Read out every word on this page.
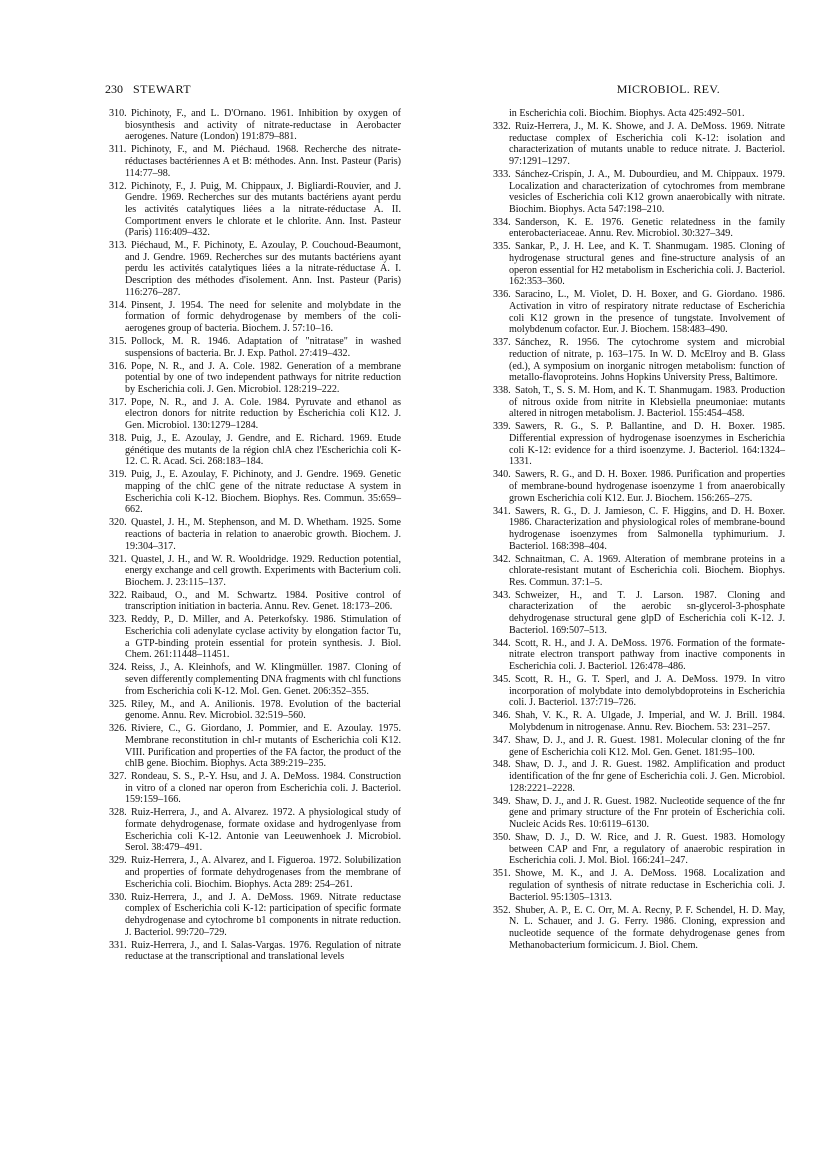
230 STEWART	MICROBIOL. REV.
310. Pichinoty, F., and L. D'Ornano. 1961. Inhibition by oxygen of biosynthesis and activity of nitrate-reductase in Aerobacter aerogenes. Nature (London) 191:879–881.
311. Pichinoty, F., and M. Piéchaud. 1968. Recherche des nitrate-réductases bactériennes A et B: méthodes. Ann. Inst. Pasteur (Paris) 114:77–98.
312. Pichinoty, F., J. Puig, M. Chippaux, J. Bigliardi-Rouvier, and J. Gendre. 1969. Recherches sur des mutants bactériens ayant perdu les activités catalytiques liées a la nitrate-réductase A. II. Comportment envers le chlorate et le chlorite. Ann. Inst. Pasteur (Paris) 116:409–432.
313. Piéchaud, M., F. Pichinoty, E. Azoulay, P. Couchoud-Beaumont, and J. Gendre. 1969. Recherches sur des mutants bactériens ayant perdu les activités catalytiques liées a la nitrate-réductase A. I. Description des méthodes d'isolement. Ann. Inst. Pasteur (Paris) 116:276–287.
314. Pinsent, J. 1954. The need for selenite and molybdate in the formation of formic dehydrogenase by members of the coli-aerogenes group of bacteria. Biochem. J. 57:10–16.
315. Pollock, M. R. 1946. Adaptation of "nitratase" in washed suspensions of bacteria. Br. J. Exp. Pathol. 27:419–432.
316. Pope, N. R., and J. A. Cole. 1982. Generation of a membrane potential by one of two independent pathways for nitrite reduction by Escherichia coli. J. Gen. Microbiol. 128:219–222.
317. Pope, N. R., and J. A. Cole. 1984. Pyruvate and ethanol as electron donors for nitrite reduction by Escherichia coli K12. J. Gen. Microbiol. 130:1279–1284.
318. Puig, J., E. Azoulay, J. Gendre, and E. Richard. 1969. Etude génétique des mutants de la région chlA chez l'Escherichia coli K-12. C. R. Acad. Sci. 268:183–184.
319. Puig, J., E. Azoulay, F. Pichinoty, and J. Gendre. 1969. Genetic mapping of the chlC gene of the nitrate reductase A system in Escherichia coli K-12. Biochem. Biophys. Res. Commun. 35:659–662.
320. Quastel, J. H., M. Stephenson, and M. D. Whetham. 1925. Some reactions of bacteria in relation to anaerobic growth. Biochem. J. 19:304–317.
321. Quastel, J. H., and W. R. Wooldridge. 1929. Reduction potential, energy exchange and cell growth. Experiments with Bacterium coli. Biochem. J. 23:115–137.
322. Raibaud, O., and M. Schwartz. 1984. Positive control of transcription initiation in bacteria. Annu. Rev. Genet. 18:173–206.
323. Reddy, P., D. Miller, and A. Peterkofsky. 1986. Stimulation of Escherichia coli adenylate cyclase activity by elongation factor Tu, a GTP-binding protein essential for protein synthesis. J. Biol. Chem. 261:11448–11451.
324. Reiss, J., A. Kleinhofs, and W. Klingmüller. 1987. Cloning of seven differently complementing DNA fragments with chl functions from Escherichia coli K-12. Mol. Gen. Genet. 206:352–355.
325. Riley, M., and A. Anilionis. 1978. Evolution of the bacterial genome. Annu. Rev. Microbiol. 32:519–560.
326. Riviere, C., G. Giordano, J. Pommier, and E. Azoulay. 1975. Membrane reconstitution in chl-r mutants of Escherichia coli K12. VIII. Purification and properties of the FA factor, the product of the chlB gene. Biochim. Biophys. Acta 389:219–235.
327. Rondeau, S. S., P.-Y. Hsu, and J. A. DeMoss. 1984. Construction in vitro of a cloned nar operon from Escherichia coli. J. Bacteriol. 159:159–166.
328. Ruiz-Herrera, J., and A. Alvarez. 1972. A physiological study of formate dehydrogenase, formate oxidase and hydrogenlyase from Escherichia coli K-12. Antonie van Leeuwenhoek J. Microbiol. Serol. 38:479–491.
329. Ruiz-Herrera, J., A. Alvarez, and I. Figueroa. 1972. Solubilization and properties of formate dehydrogenases from the membrane of Escherichia coli. Biochim. Biophys. Acta 289: 254–261.
330. Ruiz-Herrera, J., and J. A. DeMoss. 1969. Nitrate reductase complex of Escherichia coli K-12: participation of specific formate dehydrogenase and cytochrome b1 components in nitrate reduction. J. Bacteriol. 99:720–729.
331. Ruiz-Herrera, J., and I. Salas-Vargas. 1976. Regulation of nitrate reductase at the transcriptional and translational levels
in Escherichia coli. Biochim. Biophys. Acta 425:492–501.
332. Ruiz-Herrera, J., M. K. Showe, and J. A. DeMoss. 1969. Nitrate reductase complex of Escherichia coli K-12: isolation and characterization of mutants unable to reduce nitrate. J. Bacteriol. 97:1291–1297.
333. Sánchez-Crispín, J. A., M. Dubourdieu, and M. Chippaux. 1979. Localization and characterization of cytochromes from membrane vesicles of Escherichia coli K12 grown anaerobically with nitrate. Biochim. Biophys. Acta 547:198–210.
334. Sanderson, K. E. 1976. Genetic relatedness in the family enterobacteriaceae. Annu. Rev. Microbiol. 30:327–349.
335. Sankar, P., J. H. Lee, and K. T. Shanmugam. 1985. Cloning of hydrogenase structural genes and fine-structure analysis of an operon essential for H2 metabolism in Escherichia coli. J. Bacteriol. 162:353–360.
336. Saracino, L., M. Violet, D. H. Boxer, and G. Giordano. 1986. Activation in vitro of respiratory nitrate reductase of Escherichia coli K12 grown in the presence of tungstate. Involvement of molybdenum cofactor. Eur. J. Biochem. 158:483–490.
337. Sánchez, R. 1956. The cytochrome system and microbial reduction of nitrate, p. 163–175. In W. D. McElroy and B. Glass (ed.), A symposium on inorganic nitrogen metabolism: function of metallo-flavoproteins. Johns Hopkins University Press, Baltimore.
338. Satoh, T., S. S. M. Hom, and K. T. Shanmugam. 1983. Production of nitrous oxide from nitrite in Klebsiella pneumoniae: mutants altered in nitrogen metabolism. J. Bacteriol. 155:454–458.
339. Sawers, R. G., S. P. Ballantine, and D. H. Boxer. 1985. Differential expression of hydrogenase isoenzymes in Escherichia coli K-12: evidence for a third isoenzyme. J. Bacteriol. 164:1324–1331.
340. Sawers, R. G., and D. H. Boxer. 1986. Purification and properties of membrane-bound hydrogenase isoenzyme 1 from anaerobically grown Escherichia coli K12. Eur. J. Biochem. 156:265–275.
341. Sawers, R. G., D. J. Jamieson, C. F. Higgins, and D. H. Boxer. 1986. Characterization and physiological roles of membrane-bound hydrogenase isoenzymes from Salmonella typhimurium. J. Bacteriol. 168:398–404.
342. Schnaitman, C. A. 1969. Alteration of membrane proteins in a chlorate-resistant mutant of Escherichia coli. Biochem. Biophys. Res. Commun. 37:1–5.
343. Schweizer, H., and T. J. Larson. 1987. Cloning and characterization of the aerobic sn-glycerol-3-phosphate dehydrogenase structural gene glpD of Escherichia coli K-12. J. Bacteriol. 169:507–513.
344. Scott, R. H., and J. A. DeMoss. 1976. Formation of the formate-nitrate electron transport pathway from inactive components in Escherichia coli. J. Bacteriol. 126:478–486.
345. Scott, R. H., G. T. Sperl, and J. A. DeMoss. 1979. In vitro incorporation of molybdate into demolybdoproteins in Escherichia coli. J. Bacteriol. 137:719–726.
346. Shah, V. K., R. A. Ulgade, J. Imperial, and W. J. Brill. 1984. Molybdenum in nitrogenase. Annu. Rev. Biochem. 53: 231–257.
347. Shaw, D. J., and J. R. Guest. 1981. Molecular cloning of the fnr gene of Escherichia coli K12. Mol. Gen. Genet. 181:95–100.
348. Shaw, D. J., and J. R. Guest. 1982. Amplification and product identification of the fnr gene of Escherichia coli. J. Gen. Microbiol. 128:2221–2228.
349. Shaw, D. J., and J. R. Guest. 1982. Nucleotide sequence of the fnr gene and primary structure of the Fnr protein of Escherichia coli. Nucleic Acids Res. 10:6119–6130.
350. Shaw, D. J., D. W. Rice, and J. R. Guest. 1983. Homology between CAP and Fnr, a regulatory of anaerobic respiration in Escherichia coli. J. Mol. Biol. 166:241–247.
351. Showe, M. K., and J. A. DeMoss. 1968. Localization and regulation of synthesis of nitrate reductase in Escherichia coli. J. Bacteriol. 95:1305–1313.
352. Shuber, A. P., E. C. Orr, M. A. Recny, P. F. Schendel, H. D. May, N. L. Schauer, and J. G. Ferry. 1986. Cloning, expression and nucleotide sequence of the formate dehydrogenase genes from Methanobacterium formicicum. J. Biol. Chem.
